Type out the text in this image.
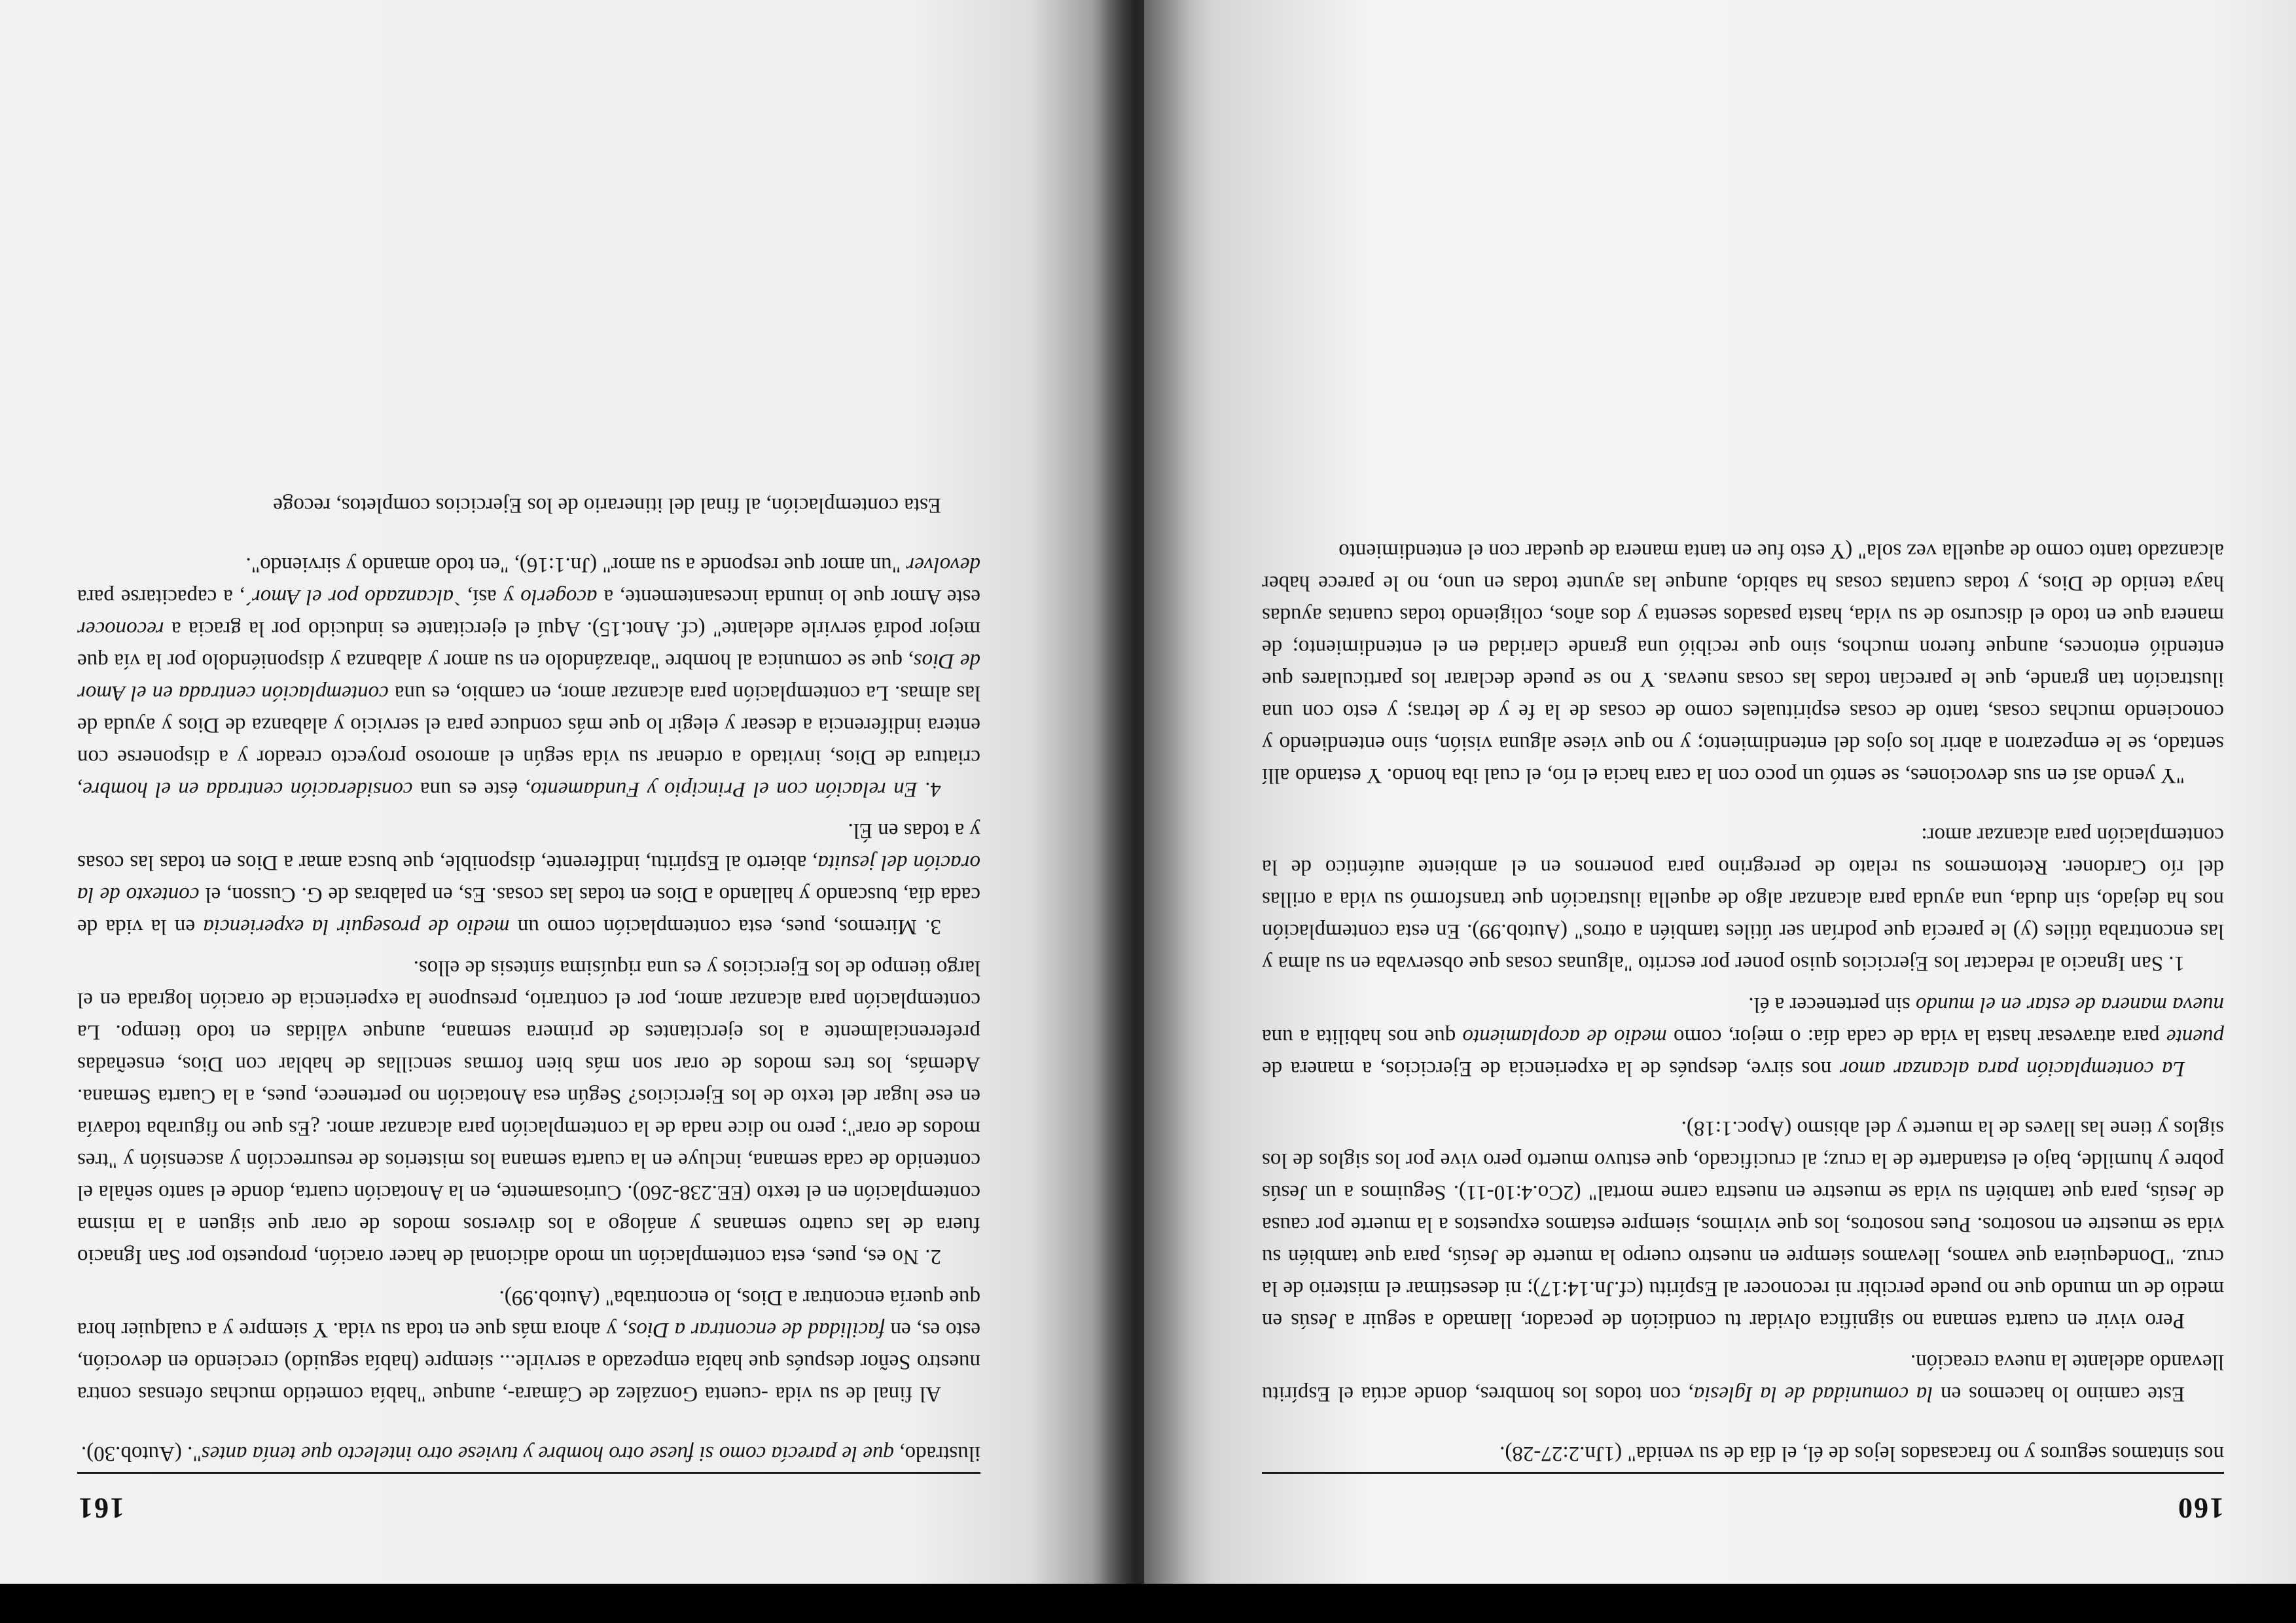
160

nos sintamos seguros y no fracasados lejos de él, el día de su venida" (1Jn.2:27-28).

Este camino lo hacemos en la comunidad de la Iglesia, con todos los hombres, donde actúa el Espíritu llevando adelante la nueva creación.

Pero vivir en cuarta semana no significa olvidar tu condición de pecador, llamado a seguir a Jesús en medio de un mundo que no puede percibir ni reconocer al Espíritu (cf.Jn.14:17); ni desestimar el misterio de la cruz. "Dondequiera que vamos, llevamos siempre en nuestro cuerpo la muerte de Jesús, para que también su vida se muestre en nosotros. Pues nosotros, los que vivimos, siempre estamos expuestos a la muerte por causa de Jesús, para que también su vida se muestre en nuestra carne mortal" (2Co.4:10-11). Seguimos a un Jesús pobre y humilde, bajo el estandarte de la cruz; al crucificado, que estuvo muerto pero vive por los siglos de los siglos y tiene las llaves de la muerte y del abismo (Apoc.1:18).

La contemplación para alcanzar amor nos sirve, después de la experiencia de Ejercicios, a manera de puente para atravesar hasta la vida de cada día: o mejor, como medio de acoplamiento que nos habilita a una nueva manera de estar en el mundo sin pertenecer a él.

1. San Ignacio al redactar los Ejercicios quiso poner por escrito "algunas cosas que observaba en su alma y las encontraba útiles (y) le parecía que podrían ser útiles también a otros" (Autob.99). En esta contemplación nos ha dejado, sin duda, una ayuda para alcanzar algo de aquella ilustración que transformó su vida a orillas del río Cardoner. Retomemos su relato de peregrino para ponernos en el ambiente auténtico de la contemplación para alcanzar amor:

"Y yendo así en sus devociones, se sentó un poco con la cara hacia el río, el cual iba hondo. Y estando allí sentado, se le empezaron a abrir los ojos del entendimiento; y no que viese alguna visión, sino entendiendo y conociendo muchas cosas, tanto de cosas espirituales como de cosas de la fe y de letras; y esto con una ilustración tan grande, que le parecían todas las cosas nuevas. Y no se puede declarar los particulares que entendió entonces, aunque fueron muchos, sino que recibió una grande claridad en el entendimiento; de manera que en todo el discurso de su vida, hasta pasados sesenta y dos años, coligiendo todas cuantas ayudas haya tenido de Dios, y todas cuantas cosas ha sabido, aunque las ayunte todas en uno, no le parece haber alcanzado tanto como de aquella vez sola" (Y esto fue en tanta manera de quedar con el entendimiento

161

ilustrado, que le parecía como si fuese otro hombre y tuviese otro intelecto que tenía antes". (Autob.30).

Al final de su vida -cuenta González de Cámara-, aunque "había cometido muchas ofensas contra nuestro Señor después que había empezado a servirle... siempre (había seguido) creciendo en devoción, esto es, en facilidad de encontrar a Dios, y ahora más que en toda su vida. Y siempre y a cualquier hora que quería encontrar a Dios, lo encontraba" (Autob.99).

2. No es, pues, esta contemplación un modo adicional de hacer oración, propuesto por San Ignacio fuera de las cuatro semanas y análogo a los diversos modos de orar que siguen a la misma contemplación en el texto (EE.238-260). Curiosamente, en la Anotación cuarta, donde el santo señala el contenido de cada semana, incluye en la cuarta semana los misterios de resurrección y ascensión y "tres modos de orar"; pero no dice nada de la contemplación para alcanzar amor. ¿Es que no figuraba todavía en ese lugar del texto de los Ejercicios? Según esa Anotación no pertenece, pues, a la Cuarta Semana. Además, los tres modos de orar son más bien formas sencillas de hablar con Dios, enseñadas preferencialmente a los ejercitantes de primera semana, aunque válidas en todo tiempo. La contemplación para alcanzar amor, por el contrario, presupone la experiencia de oración lograda en el largo tiempo de los Ejercicios y es una riquísima síntesis de ellos.

3. Miremos, pues, esta contemplación como un medio de proseguir la experiencia en la vida de cada día, buscando y hallando a Dios en todas las cosas. Es, en palabras de G. Cusson, el contexto de la oración del jesuita, abierto al Espíritu, indiferente, disponible, que busca amar a Dios en todas las cosas y a todas en Él.

4. En relación con el Principio y Fundamento, éste es una consideración centrada en el hombre, criatura de Dios, invitado a ordenar su vida según el amoroso proyecto creador y a disponerse con entera indiferencia a desear y elegir lo que más conduce para el servicio y alabanza de Dios y ayuda de las almas. La contemplación para alcanzar amor, en cambio, es una contemplación centrada en el Amor de Dios, que se comunica al hombre "abrazándolo en su amor y alabanza y disponiéndolo por la vía que mejor podrá servirle adelante" (cf. Anot.15). Aquí el ejercitante es inducido por la gracia a reconocer este Amor que lo inunda incesantemente, a acogerlo y así, `alcanzado por el Amor´, a capacitarse para devolver "un amor que responde a su amor" (Jn.1:16), "en todo amando y sirviendo".

Esta contemplación, al final del itinerario de los Ejercicios completos, recoge
